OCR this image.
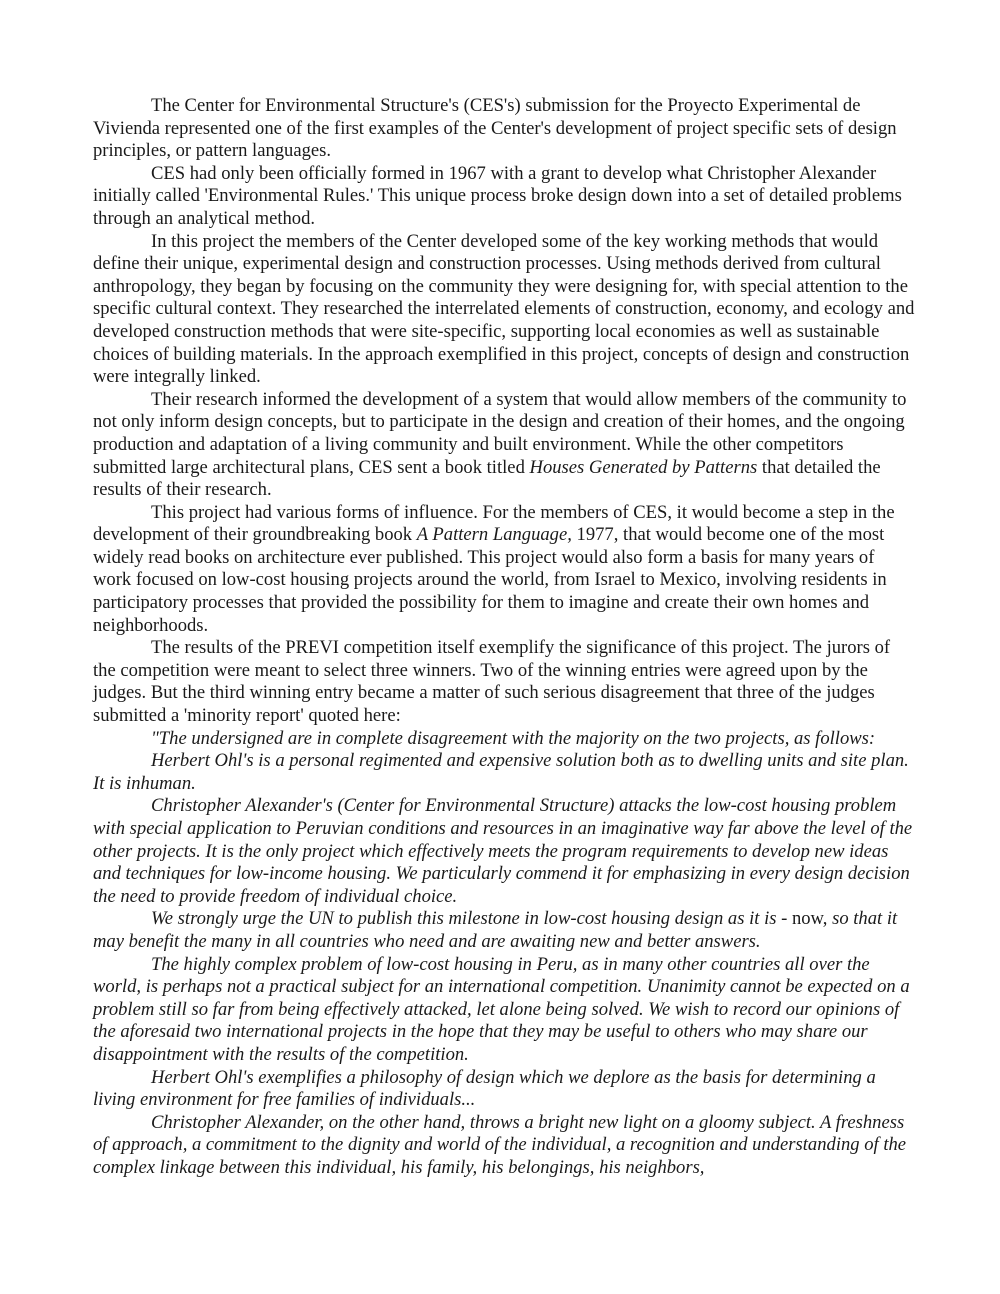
The Center for Environmental Structure's (CES's) submission for the Proyecto Experimental de Vivienda represented one of the first examples of the Center's development of project specific sets of design principles, or pattern languages.

CES had only been officially formed in 1967 with a grant to develop what Christopher Alexander initially called 'Environmental Rules.' This unique process broke design down into a set of detailed problems through an analytical method.

In this project the members of the Center developed some of the key working methods that would define their unique, experimental design and construction processes. Using methods derived from cultural anthropology, they began by focusing on the community they were designing for, with special attention to the specific cultural context. They researched the interrelated elements of construction, economy, and ecology and developed construction methods that were site-specific, supporting local economies as well as sustainable choices of building materials. In the approach exemplified in this project, concepts of design and construction were integrally linked.

Their research informed the development of a system that would allow members of the community to not only inform design concepts, but to participate in the design and creation of their homes, and the ongoing production and adaptation of a living community and built environment. While the other competitors submitted large architectural plans, CES sent a book titled Houses Generated by Patterns that detailed the results of their research.

This project had various forms of influence. For the members of CES, it would become a step in the development of their groundbreaking book A Pattern Language, 1977, that would become one of the most widely read books on architecture ever published. This project would also form a basis for many years of work focused on low-cost housing projects around the world, from Israel to Mexico, involving residents in participatory processes that provided the possibility for them to imagine and create their own homes and neighborhoods.

The results of the PREVI competition itself exemplify the significance of this project. The jurors of the competition were meant to select three winners. Two of the winning entries were agreed upon by the judges. But the third winning entry became a matter of such serious disagreement that three of the judges submitted a 'minority report' quoted here:

"The undersigned are in complete disagreement with the majority on the two projects, as follows:

Herbert Ohl's is a personal regimented and expensive solution both as to dwelling units and site plan. It is inhuman.

Christopher Alexander's (Center for Environmental Structure) attacks the low-cost housing problem with special application to Peruvian conditions and resources in an imaginative way far above the level of the other projects. It is the only project which effectively meets the program requirements to develop new ideas and techniques for low-income housing. We particularly commend it for emphasizing in every design decision the need to provide freedom of individual choice.

We strongly urge the UN to publish this milestone in low-cost housing design as it is - now, so that it may benefit the many in all countries who need and are awaiting new and better answers.

The highly complex problem of low-cost housing in Peru, as in many other countries all over the world, is perhaps not a practical subject for an international competition. Unanimity cannot be expected on a problem still so far from being effectively attacked, let alone being solved. We wish to record our opinions of the aforesaid two international projects in the hope that they may be useful to others who may share our disappointment with the results of the competition.

Herbert Ohl's exemplifies a philosophy of design which we deplore as the basis for determining a living environment for free families of individuals...

Christopher Alexander, on the other hand, throws a bright new light on a gloomy subject. A freshness of approach, a commitment to the dignity and world of the individual, a recognition and understanding of the complex linkage between this individual, his family, his belongings, his neighbors,
